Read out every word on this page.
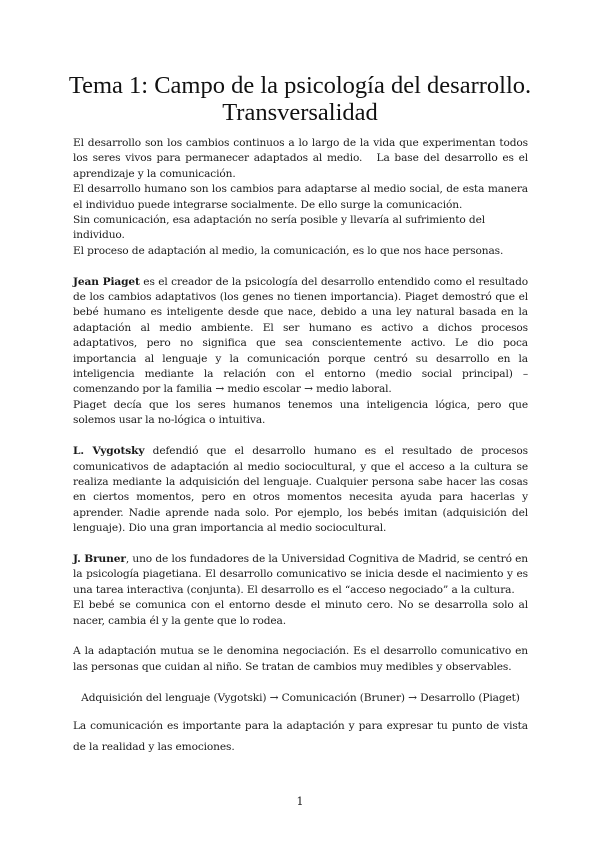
Tema 1: Campo de la psicología del desarrollo.
Transversalidad

El desarrollo son los cambios continuos a lo largo de la vida que experimentan todos los seres vivos para permanecer adaptados al medio. La base del desarrollo es el aprendizaje y la comunicación.

El desarrollo humano son los cambios para adaptarse al medio social, de esta manera el individuo puede integrarse socialmente. De ello surge la comunicación.

Sin comunicación, esa adaptación no sería posible y llevaría al sufrimiento del individuo.

El proceso de adaptación al medio, la comunicación, es lo que nos hace personas.

Jean Piaget es el creador de la psicología del desarrollo entendido como el resultado de los cambios adaptativos (los genes no tienen importancia). Piaget demostró que el bebé humano es inteligente desde que nace, debido a una ley natural basada en la adaptación al medio ambiente. El ser humano es activo a dichos procesos adaptativos, pero no significa que sea conscientemente activo. Le dio poca importancia al lenguaje y la comunicación porque centró su desarrollo en la inteligencia mediante la relación con el entorno (medio social principal) – comenzando por la familia → medio escolar → medio laboral.

Piaget decía que los seres humanos tenemos una inteligencia lógica, pero que solemos usar la no-lógica o intuitiva.

L. Vygotsky defendió que el desarrollo humano es el resultado de procesos comunicativos de adaptación al medio sociocultural, y que el acceso a la cultura se realiza mediante la adquisición del lenguaje. Cualquier persona sabe hacer las cosas en ciertos momentos, pero en otros momentos necesita ayuda para hacerlas y aprender. Nadie aprende nada solo. Por ejemplo, los bebés imitan (adquisición del lenguaje). Dio una gran importancia al medio sociocultural.

J. Bruner, uno de los fundadores de la Universidad Cognitiva de Madrid, se centró en la psicología piagetiana. El desarrollo comunicativo se inicia desde el nacimiento y es una tarea interactiva (conjunta). El desarrollo es el “acceso negociado” a la cultura.

El bebé se comunica con el entorno desde el minuto cero. No se desarrolla solo al nacer, cambia él y la gente que lo rodea.

A la adaptación mutua se le denomina negociación. Es el desarrollo comunicativo en las personas que cuidan al niño. Se tratan de cambios muy medibles y observables.

Adquisición del lenguaje (Vygotski) → Comunicación (Bruner) → Desarrollo (Piaget)

La comunicación es importante para la adaptación y para expresar tu punto de vista de la realidad y las emociones.

1
